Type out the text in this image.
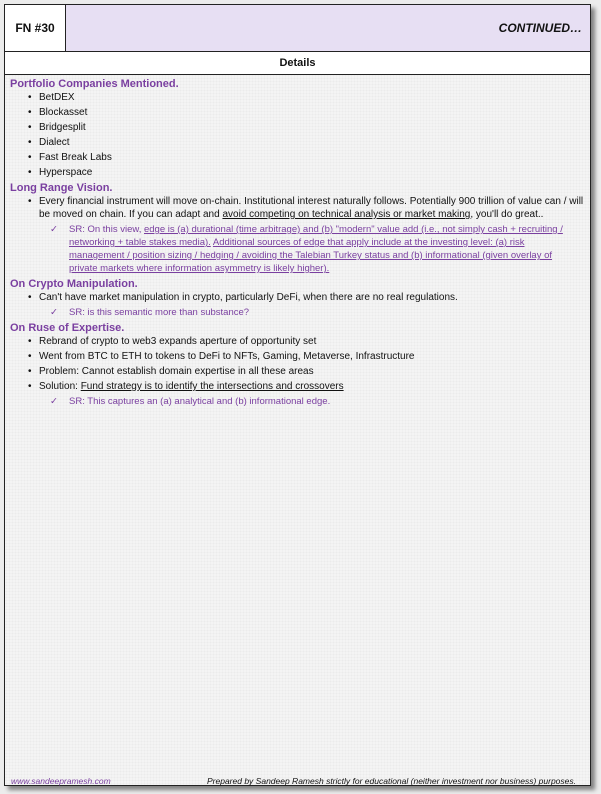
FN #30	CONTINUED…
Details

Portfolio Companies Mentioned.

• BetDEX
• Blockasset
• Bridgesplit
• Dialect
• Fast Break Labs
• Hyperspace

Long Range Vision.

• Every financial instrument will move on-chain. Institutional interest naturally follows. Potentially 900 trillion of value can / will be moved on chain. If you can adapt and avoid competing on technical analysis or market making, you'll do great..
✓ SR: On this view, edge is (a) durational (time arbitrage) and (b) "modern" value add (i.e., not simply cash + recruiting / networking + table stakes media). Additional sources of edge that apply include at the investing level: (a) risk management / position sizing / hedging / avoiding the Talebian Turkey status and (b) informational (given overlay of private markets where information asymmetry is likely higher).

On Crypto Manipulation.

• Can't have market manipulation in crypto, particularly DeFi, when there are no real regulations.
✓ SR: is this semantic more than substance?

On Ruse of Expertise.

• Rebrand of crypto to web3 expands aperture of opportunity set
• Went from BTC to ETH to tokens to DeFi to NFTs, Gaming, Metaverse, Infrastructure
• Problem: Cannot establish domain expertise in all these areas
• Solution: Fund strategy is to identify the intersections and crossovers
✓ SR: This captures an (a) analytical and (b) informational edge.
www.sandeepramesh.com	Prepared by Sandeep Ramesh strictly for educational (neither investment nor business) purposes.
